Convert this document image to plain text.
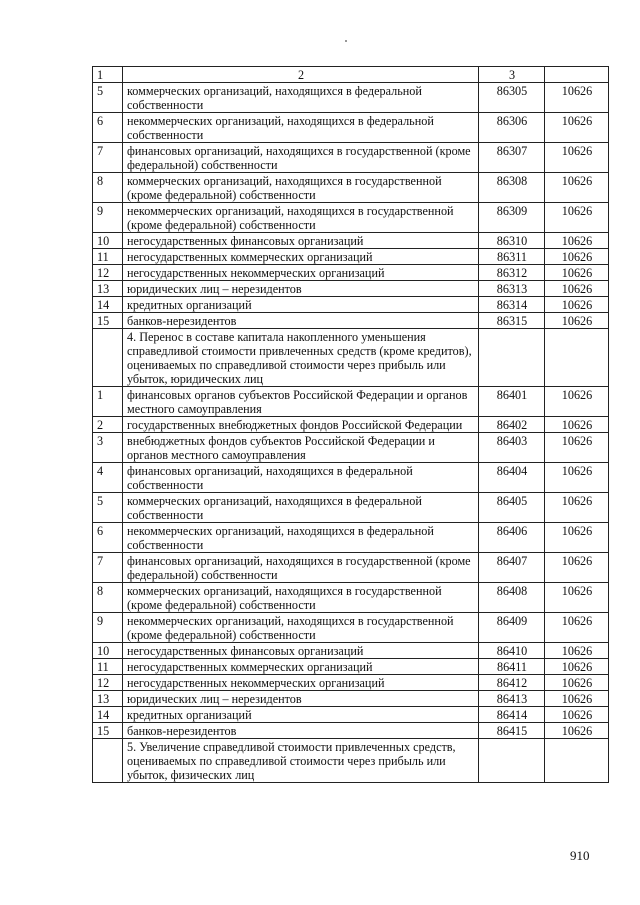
1	2	3	
5	коммерческих организаций, находящихся в федеральной собственности	86305	10626
6	некоммерческих организаций, находящихся в федеральной собственности	86306	10626
7	финансовых организаций, находящихся в государственной (кроме федеральной) собственности	86307	10626
8	коммерческих организаций, находящихся в государственной (кроме федеральной) собственности	86308	10626
9	некоммерческих организаций, находящихся в государственной (кроме федеральной) собственности	86309	10626
10	негосударственных финансовых организаций	86310	10626
11	негосударственных коммерческих организаций	86311	10626
12	негосударственных некоммерческих организаций	86312	10626
13	юридических лиц – нерезидентов	86313	10626
14	кредитных организаций	86314	10626
15	банков-нерезидентов	86315	10626
	4. Перенос в составе капитала накопленного уменьшения справедливой стоимости привлеченных средств (кроме кредитов), оцениваемых по справедливой стоимости через прибыль или убыток, юридических лиц		
1	финансовых органов субъектов Российской Федерации и органов местного самоуправления	86401	10626
2	государственных внебюджетных фондов Российской Федерации	86402	10626
3	внебюджетных фондов субъектов Российской Федерации и органов местного самоуправления	86403	10626
4	финансовых организаций, находящихся в федеральной собственности	86404	10626
5	коммерческих организаций, находящихся в федеральной собственности	86405	10626
6	некоммерческих организаций, находящихся в федеральной собственности	86406	10626
7	финансовых организаций, находящихся в государственной (кроме федеральной) собственности	86407	10626
8	коммерческих организаций, находящихся в государственной (кроме федеральной) собственности	86408	10626
9	некоммерческих организаций, находящихся в государственной (кроме федеральной) собственности	86409	10626
10	негосударственных финансовых организаций	86410	10626
11	негосударственных коммерческих организаций	86411	10626
12	негосударственных некоммерческих организаций	86412	10626
13	юридических лиц – нерезидентов	86413	10626
14	кредитных организаций	86414	10626
15	банков-нерезидентов	86415	10626
	5. Увеличение справедливой стоимости привлеченных средств, оцениваемых по справедливой стоимости через прибыль или убыток, физических лиц		
910
